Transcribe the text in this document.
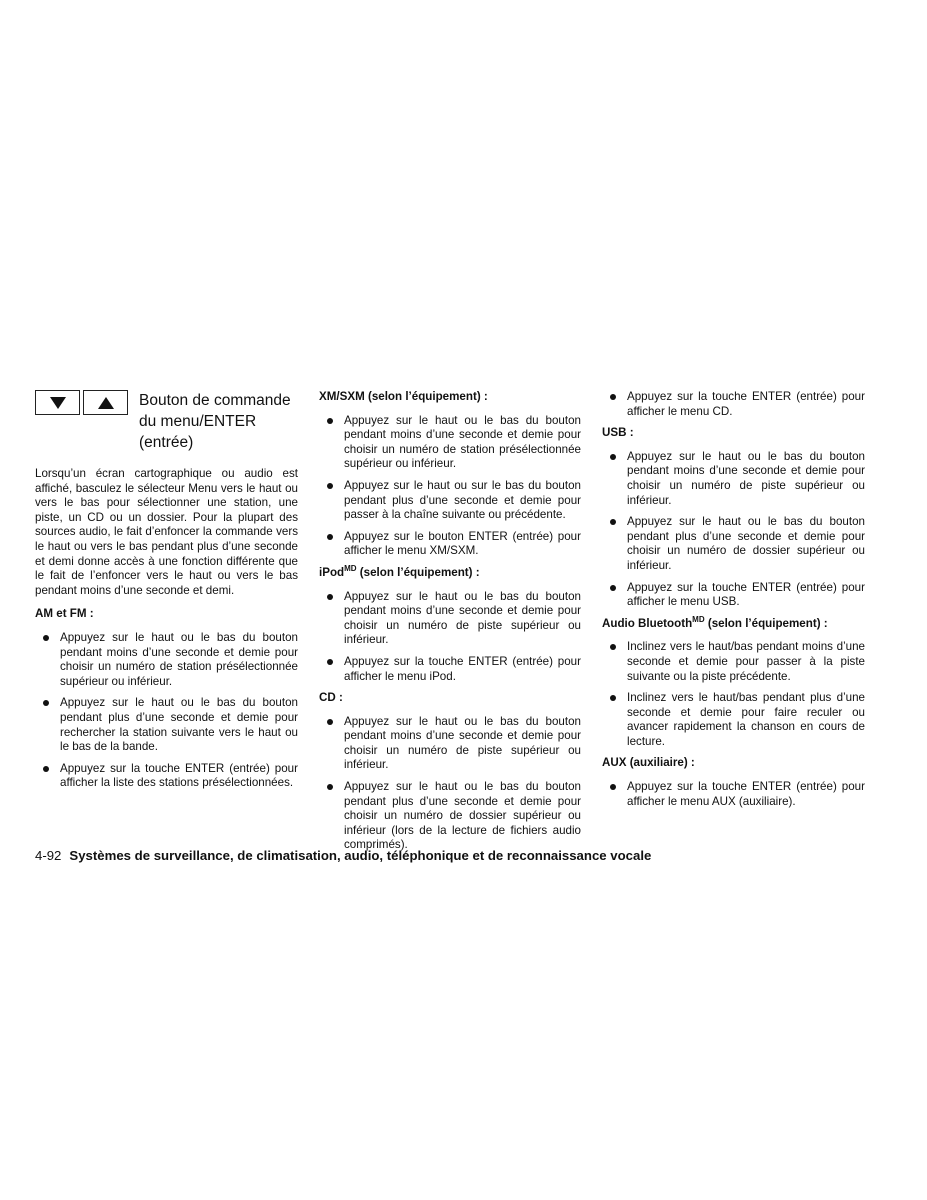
Bouton de commande
du menu/ENTER
(entrée)

Lorsqu’un écran cartographique ou audio est affiché, basculez le sélecteur Menu vers le haut ou vers le bas pour sélectionner une station, une piste, un CD ou un dossier. Pour la plupart des sources audio, le fait d’enfoncer la commande vers le haut ou vers le bas pendant plus d’une seconde et demi donne accès à une fonction différente que le fait de l’enfoncer vers le haut ou vers le bas pendant moins d’une seconde et demi.

AM et FM :
Appuyez sur le haut ou le bas du bouton pendant moins d’une seconde et demie pour choisir un numéro de station présélectionnée supérieur ou inférieur.
Appuyez sur le haut ou le bas du bouton pendant plus d’une seconde et demie pour rechercher la station suivante vers le haut ou le bas de la bande.
Appuyez sur la touche ENTER (entrée) pour afficher la liste des stations présélectionnées.
XM/SXM (selon l’équipement) :
Appuyez sur le haut ou le bas du bouton pendant moins d’une seconde et demie pour choisir un numéro de station présélectionnée supérieur ou inférieur.
Appuyez sur le haut ou sur le bas du bouton pendant plus d’une seconde et demie pour passer à la chaîne suivante ou précédente.
Appuyez sur le bouton ENTER (entrée) pour afficher le menu XM/SXM.
iPod$^{MD}$ (selon l’équipement) :
Appuyez sur le haut ou le bas du bouton pendant moins d’une seconde et demie pour choisir un numéro de piste supérieur ou inférieur.
Appuyez sur la touche ENTER (entrée) pour afficher le menu iPod.
CD :
Appuyez sur le haut ou le bas du bouton pendant moins d’une seconde et demie pour choisir un numéro de piste supérieur ou inférieur.
Appuyez sur le haut ou le bas du bouton pendant plus d’une seconde et demie pour choisir un numéro de dossier supérieur ou inférieur (lors de la lecture de fichiers audio comprimés).
Appuyez sur la touche ENTER (entrée) pour afficher le menu CD.
USB :
Appuyez sur le haut ou le bas du bouton pendant moins d’une seconde et demie pour choisir un numéro de piste supérieur ou inférieur.
Appuyez sur le haut ou le bas du bouton pendant plus d’une seconde et demie pour choisir un numéro de dossier supérieur ou inférieur.
Appuyez sur la touche ENTER (entrée) pour afficher le menu USB.
Audio Bluetooth$^{MD}$ (selon l’équipement) :
Inclinez vers le haut/bas pendant moins d’une seconde et demie pour passer à la piste suivante ou la piste précédente.
Inclinez vers le haut/bas pendant plus d’une seconde et demie pour faire reculer ou avancer rapidement la chanson en cours de lecture.
AUX (auxiliaire) :
Appuyez sur la touche ENTER (entrée) pour afficher le menu AUX (auxiliaire).
4-92 Systèmes de surveillance, de climatisation, audio, téléphonique et de reconnaissance vocale
